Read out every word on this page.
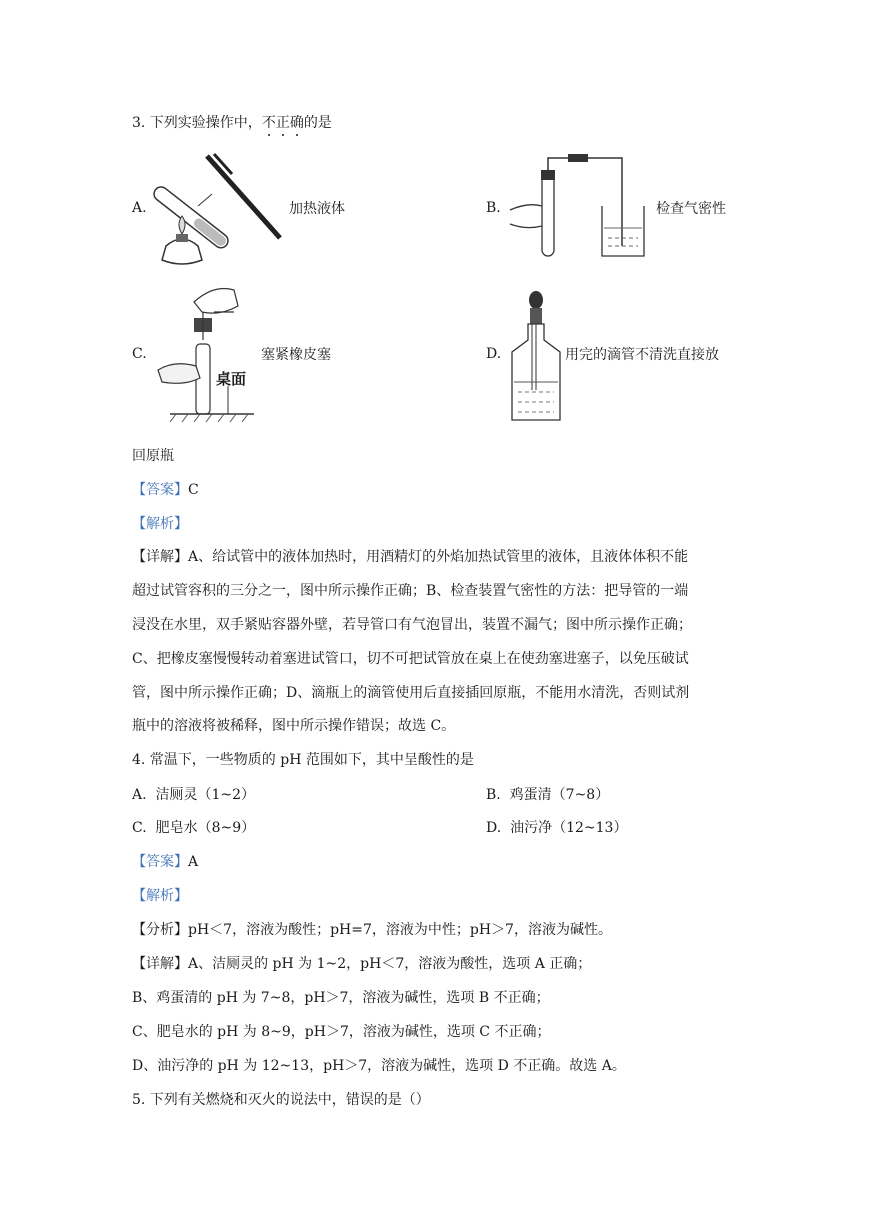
3. 下列实验操作中，不正确的是
A.	加热液体	B.	检查气密性
C.
桌面
塞紧橡皮塞	D.	用完的滴管不清洗直接放
回原瓶
【答案】C
【解析】
【详解】A、给试管中的液体加热时，用酒精灯的外焰加热试管里的液体，且液体体积不能
超过试管容积的三分之一，图中所示操作正确；B、检查装置气密性的方法：把导管的一端
浸没在水里，双手紧贴容器外壁，若导管口有气泡冒出，装置不漏气；图中所示操作正确；
C、把橡皮塞慢慢转动着塞进试管口，切不可把试管放在桌上在使劲塞进塞子，以免压破试
管，图中所示操作正确；D、滴瓶上的滴管使用后直接插回原瓶，不能用水清洗，否则试剂
瓶中的溶液将被稀释，图中所示操作错误；故选 C。
4. 常温下，一些物质的 pH 范围如下，其中呈酸性的是
A. 洁厕灵（1~2）	B. 鸡蛋清（7~8）
C. 肥皂水（8~9）	D. 油污净（12~13）
【答案】A
【解析】
【分析】pH＜7，溶液为酸性；pH=7，溶液为中性；pH＞7，溶液为碱性。
【详解】A、洁厕灵的 pH 为 1~2，pH＜7，溶液为酸性，选项 A 正确；
B、鸡蛋清的 pH 为 7~8，pH＞7，溶液为碱性，选项 B 不正确；
C、肥皂水的 pH 为 8~9，pH＞7，溶液为碱性，选项 C 不正确；
D、油污净的 pH 为 12~13，pH＞7，溶液为碱性，选项 D 不正确。故选 A。
5. 下列有关燃烧和灭火的说法中，错误的是（）
